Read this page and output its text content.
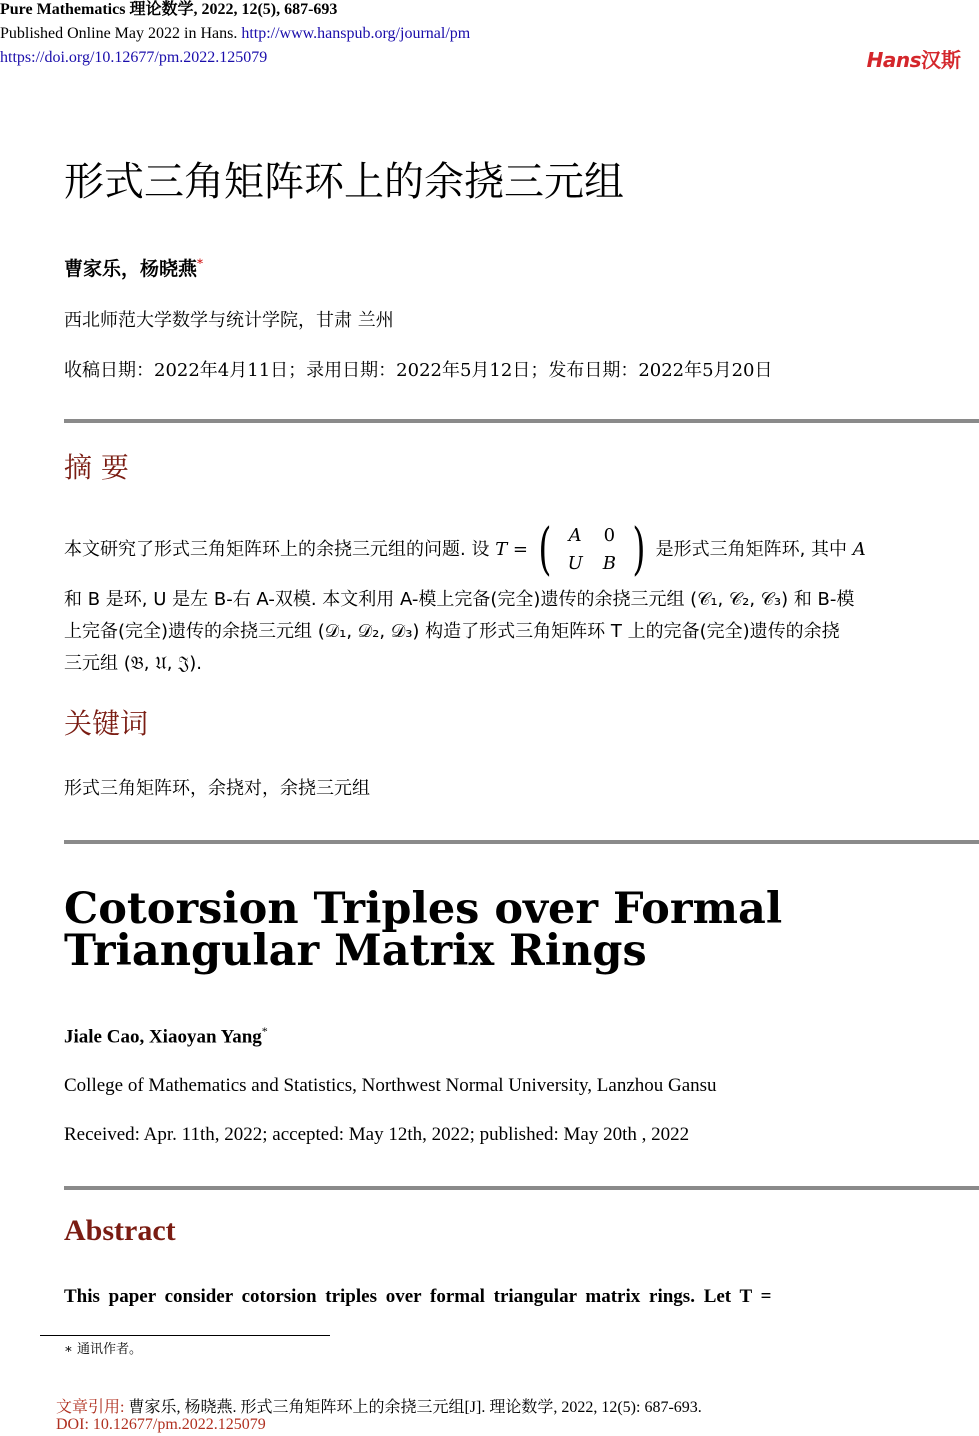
Pure Mathematics 理论数学, 2022, 12(5), 687-693
Published Online May 2022 in Hans. http://www.hanspub.org/journal/pm
https://doi.org/10.12677/pm.2022.125079	Hans汉斯
形式三角矩阵环上的余挠三元组
曹家乐，杨晓燕*
西北师范大学数学与统计学院，甘肃 兰州
收稿日期：2022年4月11日；录用日期：2022年5月12日；发布日期：2022年5月20日
摘 要
本文研究了形式三角矩阵环上的余挠三元组的问题. 设 T = ( A	0
U	B ) 是形式三角矩阵环, 其中 A
和 B 是环, U 是左 B-右 A-双模. 本文利用 A-模上完备(完全)遗传的余挠三元组 (𝒞₁, 𝒞₂, 𝒞₃) 和 B-模
上完备(完全)遗传的余挠三元组 (𝒟₁, 𝒟₂, 𝒟₃) 构造了形式三角矩阵环 T 上的完备(完全)遗传的余挠
三元组 (𝔅, 𝔘, 𝔍).
关键词
形式三角矩阵环，余挠对，余挠三元组
Cotorsion Triples over Formal Triangular Matrix Rings
Jiale Cao, Xiaoyan Yang*
College of Mathematics and Statistics, Northwest Normal University, Lanzhou Gansu
Received: Apr. 11th, 2022; accepted: May 12th, 2022; published: May 20th , 2022
Abstract
This paper consider cotorsion triples over formal triangular matrix rings. Let T =
∗ 通讯作者。
文章引用: 曹家乐, 杨晓燕. 形式三角矩阵环上的余挠三元组[J]. 理论数学, 2022, 12(5): 687-693.
DOI: 10.12677/pm.2022.125079
